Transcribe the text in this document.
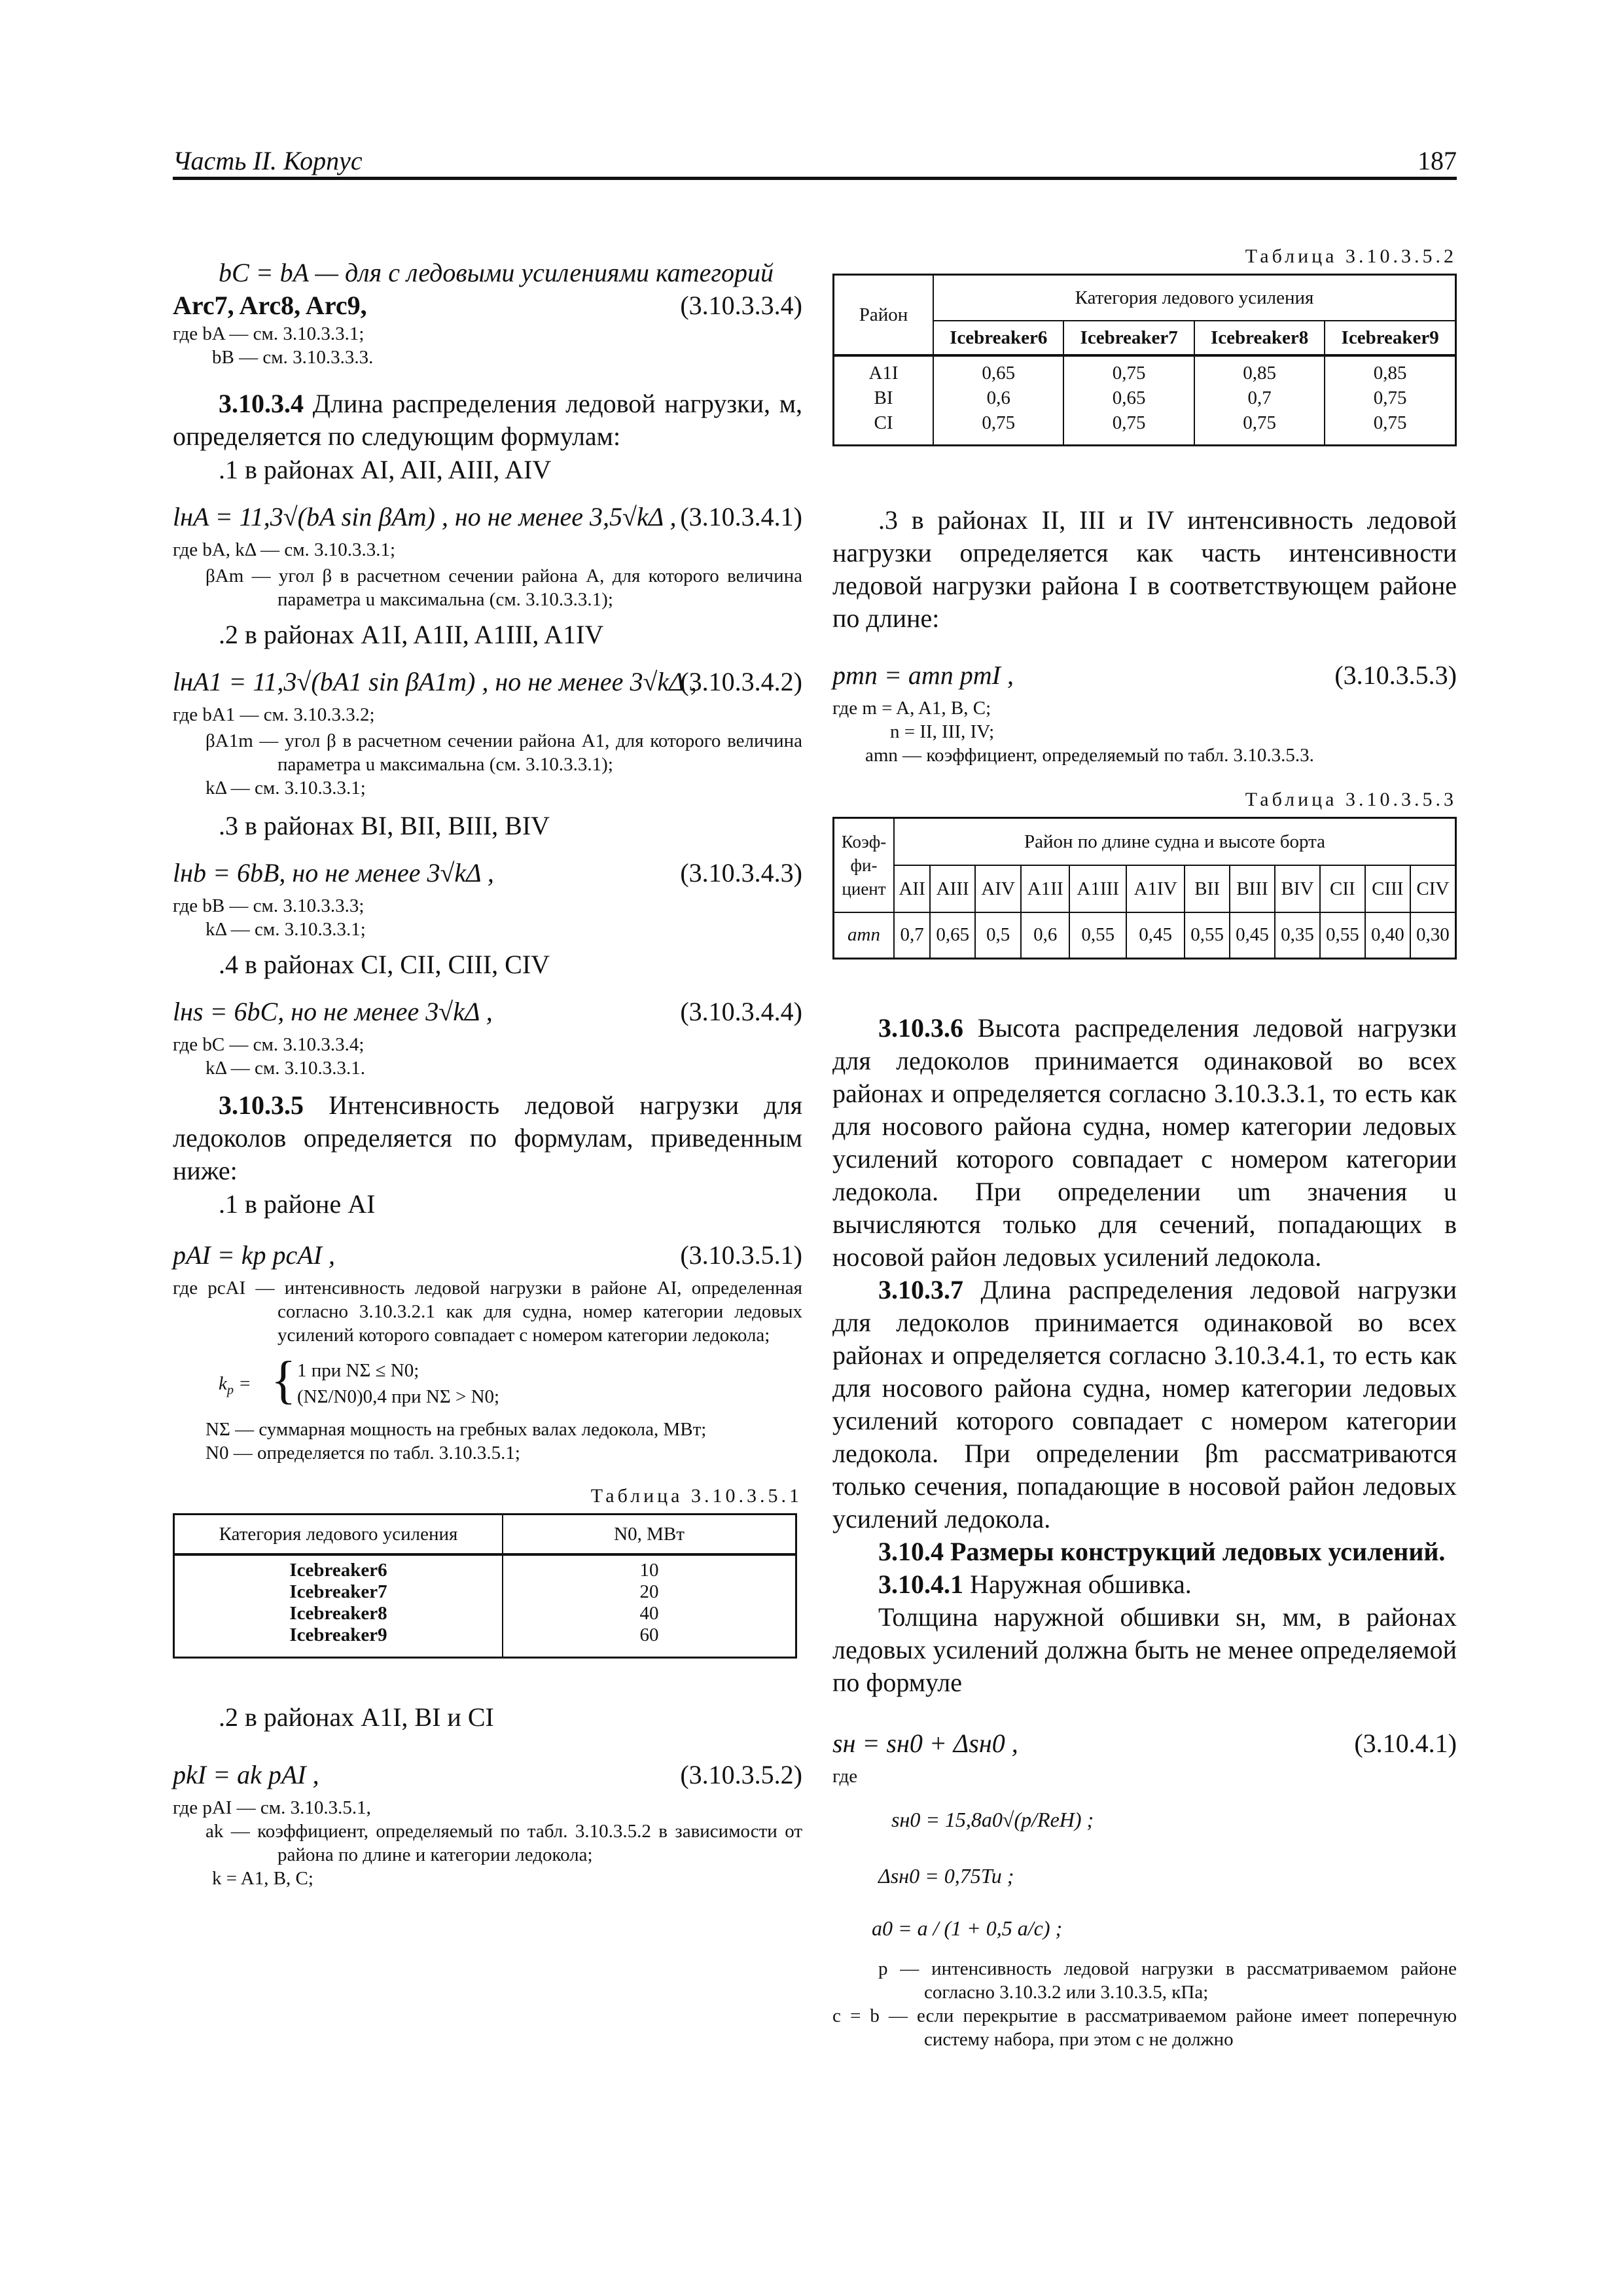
Часть II. Корпус	187

bC = bA — для с ледовыми усилениями категорий

Arc7, Arc8, Arc9,	(3.10.3.3.4)
где bA — см. 3.10.3.3.1;
bB — см. 3.10.3.3.3.

3.10.3.4 Длина распределения ледовой нагрузки, м, определяется по следующим формулам:

.1 в районах AI, AII, AIII, AIV

lнA = 11,3√(bA sin βAm) , но не менее 3,5√kΔ , (3.10.3.4.1)
где bA, kΔ — см. 3.10.3.3.1;
βAm — угол β в расчетном сечении района А, для которого величина параметра u максимальна (см. 3.10.3.3.1);

.2 в районах A1I, A1II, A1III, A1IV

lнA1 = 11,3√(bA1 sin βA1m) , но не менее 3√kΔ ,
(3.10.3.4.2)
где bA1 — см. 3.10.3.3.2;
βA1m — угол β в расчетном сечении района A1, для которого величина параметра u максимальна (см. 3.10.3.3.1);
kΔ — см. 3.10.3.3.1;

.3 в районах BI, BII, BIII, BIV

lнb = 6bB, но не менее 3√kΔ ,	(3.10.3.4.3)
где bB — см. 3.10.3.3.3;
kΔ — см. 3.10.3.3.1;

.4 в районах CI, CII, CIII, CIV

lнs = 6bC, но не менее 3√kΔ ,	(3.10.3.4.4)
где bC — см. 3.10.3.3.4;
kΔ — см. 3.10.3.3.1.

3.10.3.5 Интенсивность ледовой нагрузки для ледоколов определяется по формулам, приведенным ниже:

.1 в районе AI

pAI = kp pcAI ,	(3.10.3.5.1)
где pcAI — интенсивность ледовой нагрузки в районе AI, определенная согласно 3.10.3.2.1 как для судна, номер категории ледовых усилений которого совпадает с номером категории ледокола;
$k_p$ = { 1 при NΣ ≤ N0;
(NΣ/N0)0,4 при NΣ > N0;
NΣ — суммарная мощность на гребных валах ледокола, МВт;
N0 — определяется по табл. 3.10.3.5.1;
Таблица 3.10.3.5.1
Категория ледового усиления	N0, МВт
Icebreaker6	10
Icebreaker7	20
Icebreaker8	40
Icebreaker9	60

.2 в районах A1I, BI и CI

pkI = ak pAI ,	(3.10.3.5.2)
где pAI — см. 3.10.3.5.1,
ak — коэффициент, определяемый по табл. 3.10.3.5.2 в зависимости от района по длине и категории ледокола;
k = A1, B, C;
Таблица 3.10.3.5.2
Район	Категория ледового усиления			
	Icebreaker6	Icebreaker7	Icebreaker8	Icebreaker9
A1I	0,65	0,75	0,85	0,85
BI	0,6	0,65	0,7	0,75
CI	0,75	0,75	0,75	0,75

.3 в районах II, III и IV интенсивность ледовой нагрузки определяется как часть интенсивности ледовой нагрузки района I в соответствующем районе по длине:

pmn = amn pmI ,	(3.10.3.5.3)
где m = A, A1, B, C;
n = II, III, IV;
amn — коэффициент, определяемый по табл. 3.10.3.5.3.
Таблица 3.10.3.5.3
Коэф- фи- циент	Район по длине судна и высоте борта											
	AII	AIII	AIV	A1II	A1III	A1IV	BII	BIII	BIV	CII	CIII	CIV
amn	0,7	0,65	0,5	0,6	0,55	0,45	0,55	0,45	0,35	0,55	0,40	0,30

3.10.3.6 Высота распределения ледовой нагрузки для ледоколов принимается одинаковой во всех районах и определяется согласно 3.10.3.3.1, то есть как для носового района судна, номер категории ледовых усилений которого совпадает с номером категории ледокола. При определении um значения u вычисляются только для сечений, попадающих в носовой район ледовых усилений ледокола.

3.10.3.7 Длина распределения ледовой нагрузки для ледоколов принимается одинаковой во всех районах и определяется согласно 3.10.3.4.1, то есть как для носового района судна, номер категории ледовых усилений которого совпадает с номером категории ледокола. При определении βm рассматриваются только сечения, попадающие в носовой район ледовых усилений ледокола.

3.10.4 Размеры конструкций ледовых усилений.

3.10.4.1 Наружная обшивка.

Толщина наружной обшивки sн, мм, в районах ледовых усилений должна быть не менее определяемой по формуле

sн = sн0 + Δsн0 ,	(3.10.4.1)
где
sн0 = 15,8a0√(p/ReH) ;
Δsн0 = 0,75Tu ;
a0 = a / (1 + 0,5 a/c) ;
p — интенсивность ледовой нагрузки в рассматриваемом районе согласно 3.10.3.2 или 3.10.3.5, кПа;
c = b — если перекрытие в рассматриваемом районе имеет поперечную систему набора, при этом c не должно
